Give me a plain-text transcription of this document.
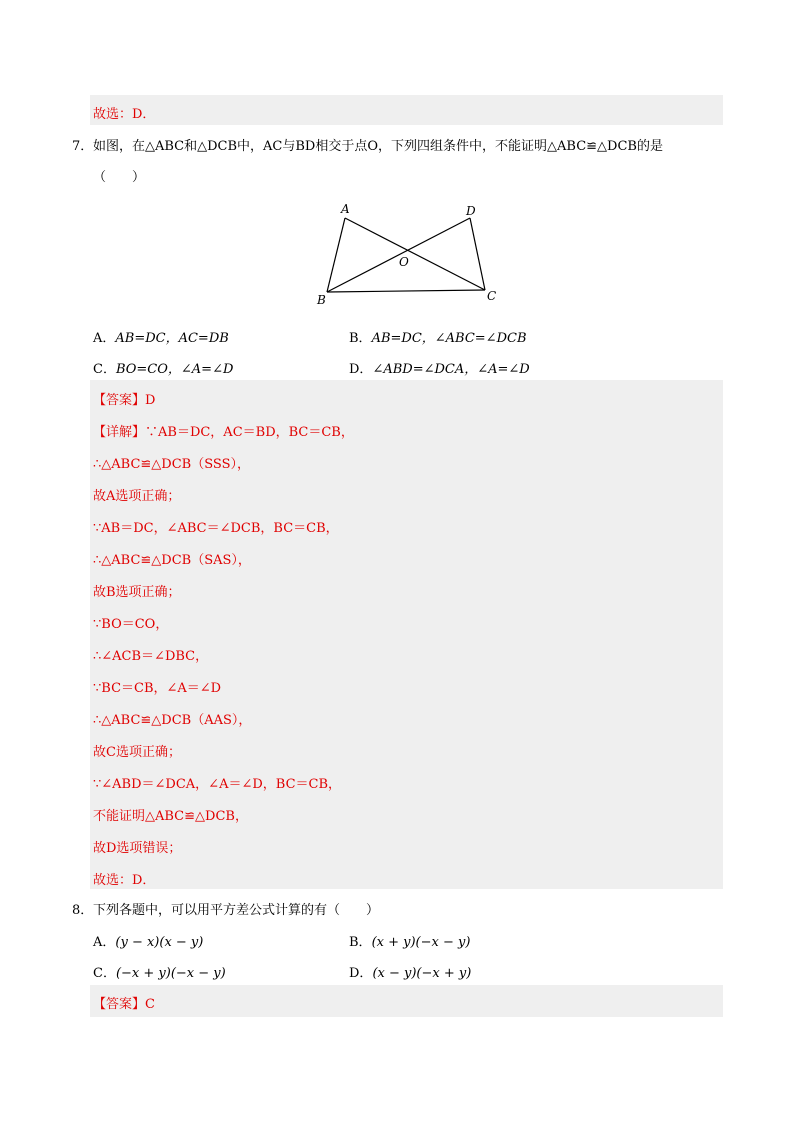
故选：D．
7． 如图，在△ABC和△DCB中，AC与BD相交于点O，下列四组条件中，不能证明△ABC≌△DCB的是
（　　）
A	D
O
B	C
A．AB=DC，AC=DB	B．AB=DC，∠ABC=∠DCB
C．BO=CO，∠A=∠D	D．∠ABD=∠DCA，∠A=∠D
【答案】D
【详解】∵AB＝DC，AC＝BD，BC＝CB，
∴△ABC≌△DCB（SSS），
故A选项正确；
∵AB＝DC，∠ABC＝∠DCB，BC＝CB，
∴△ABC≌△DCB（SAS），
故B选项正确；
∵BO＝CO，
∴∠ACB＝∠DBC，
∵BC＝CB，∠A＝∠D
∴△ABC≌△DCB（AAS），
故C选项正确；
∵∠ABD＝∠DCA，∠A＝∠D，BC＝CB，
不能证明△ABC≌△DCB，
故D选项错误；
故选：D．
8． 下列各题中，可以用平方差公式计算的有（　　）
A．(y − x)(x − y)	B．(x + y)(−x − y)
C．(−x + y)(−x − y)	D．(x − y)(−x + y)
【答案】C
